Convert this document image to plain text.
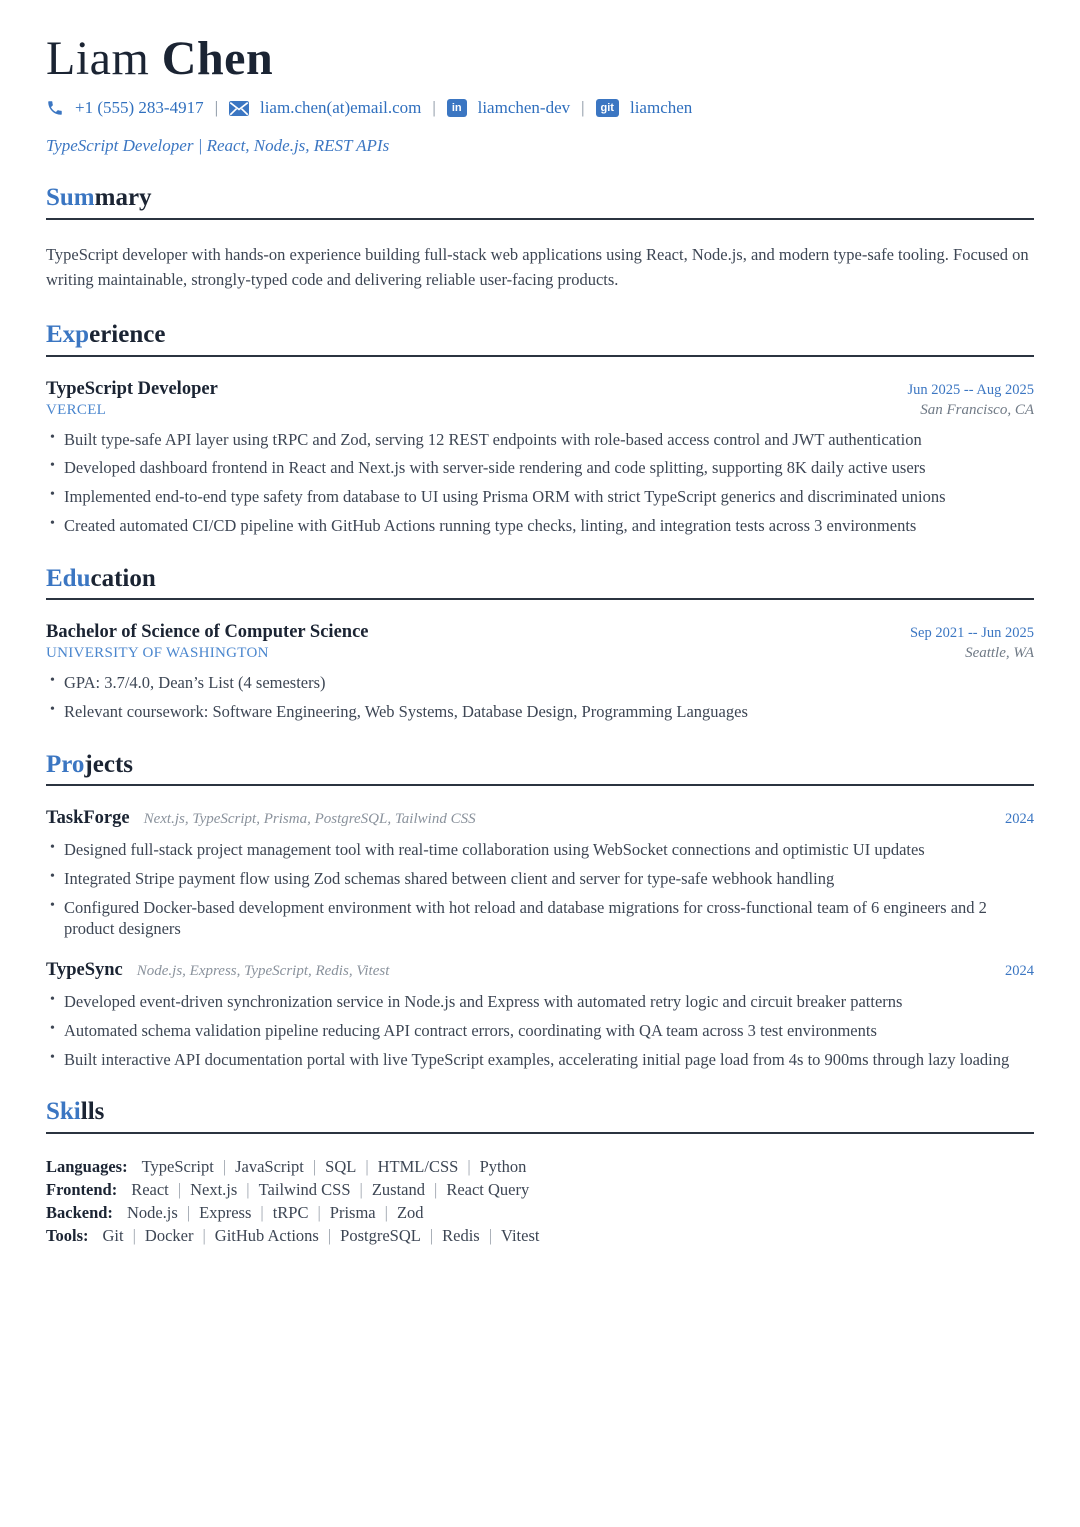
Liam Chen
+1 (555) 283-4917 | liam.chen(at)email.com |	in liamchen-dev |	git liamchen
TypeScript Developer | React, Node.js, REST APIs
Summary

TypeScript developer with hands-on experience building full-stack web applications using React, Node.js, and modern type-safe tooling. Focused on writing maintainable, strongly-typed code and delivering reliable user-facing products.

Experience
TypeScript Developer	Jun 2025 -- Aug 2025
VERCEL	San Francisco, CA
• Built type-safe API layer using tRPC and Zod, serving 12 REST endpoints with role-based access control and JWT authentication
• Developed dashboard frontend in React and Next.js with server-side rendering and code splitting, supporting 8K daily active users
• Implemented end-to-end type safety from database to UI using Prisma ORM with strict TypeScript generics and discriminated unions
• Created automated CI/CD pipeline with GitHub Actions running type checks, linting, and integration tests across 3 environments
Education
Bachelor of Science of Computer Science	Sep 2021 -- Jun 2025
UNIVERSITY OF WASHINGTON	Seattle, WA
• GPA: 3.7/4.0, Dean’s List (4 semesters)
• Relevant coursework: Software Engineering, Web Systems, Database Design, Programming Languages
Projects
TaskForge Next.js, TypeScript, Prisma, PostgreSQL, Tailwind CSS	2024
• Designed full-stack project management tool with real-time collaboration using WebSocket connections and optimistic UI updates
• Integrated Stripe payment flow using Zod schemas shared between client and server for type-safe webhook handling
• Configured Docker-based development environment with hot reload and database migrations for cross-functional team of 6 engineers and 2 product designers
TypeSync Node.js, Express, TypeScript, Redis, Vitest	2024
• Developed event-driven synchronization service in Node.js and Express with automated retry logic and circuit breaker patterns
• Automated schema validation pipeline reducing API contract errors, coordinating with QA team across 3 test environments
• Built interactive API documentation portal with live TypeScript examples, accelerating initial page load from 4s to 900ms through lazy loading
Skills
Languages: TypeScript | JavaScript | SQL | HTML/CSS | Python
Frontend: React | Next.js | Tailwind CSS | Zustand | React Query
Backend: Node.js | Express | tRPC | Prisma | Zod
Tools: Git | Docker | GitHub Actions | PostgreSQL | Redis | Vitest
